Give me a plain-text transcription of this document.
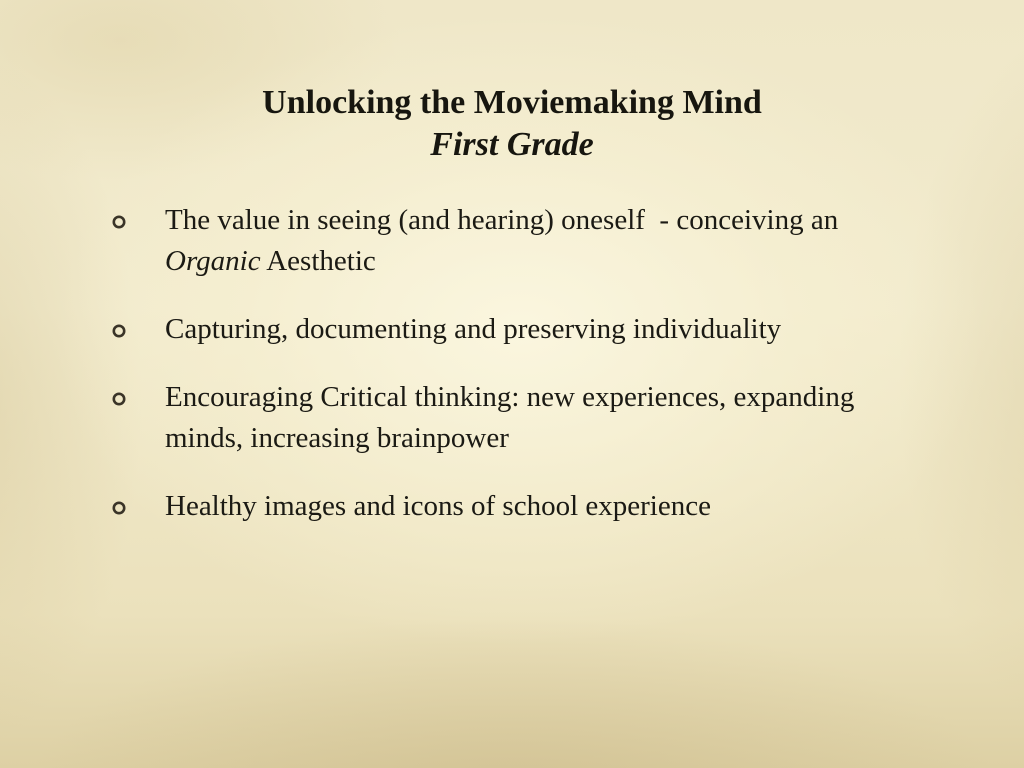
Unlocking the Moviemaking Mind
First Grade
The value in seeing (and hearing) oneself  - conceiving an Organic Aesthetic
Capturing, documenting and preserving individuality
Encouraging Critical thinking: new experiences, expanding minds, increasing brainpower
Healthy images and icons of school experience
